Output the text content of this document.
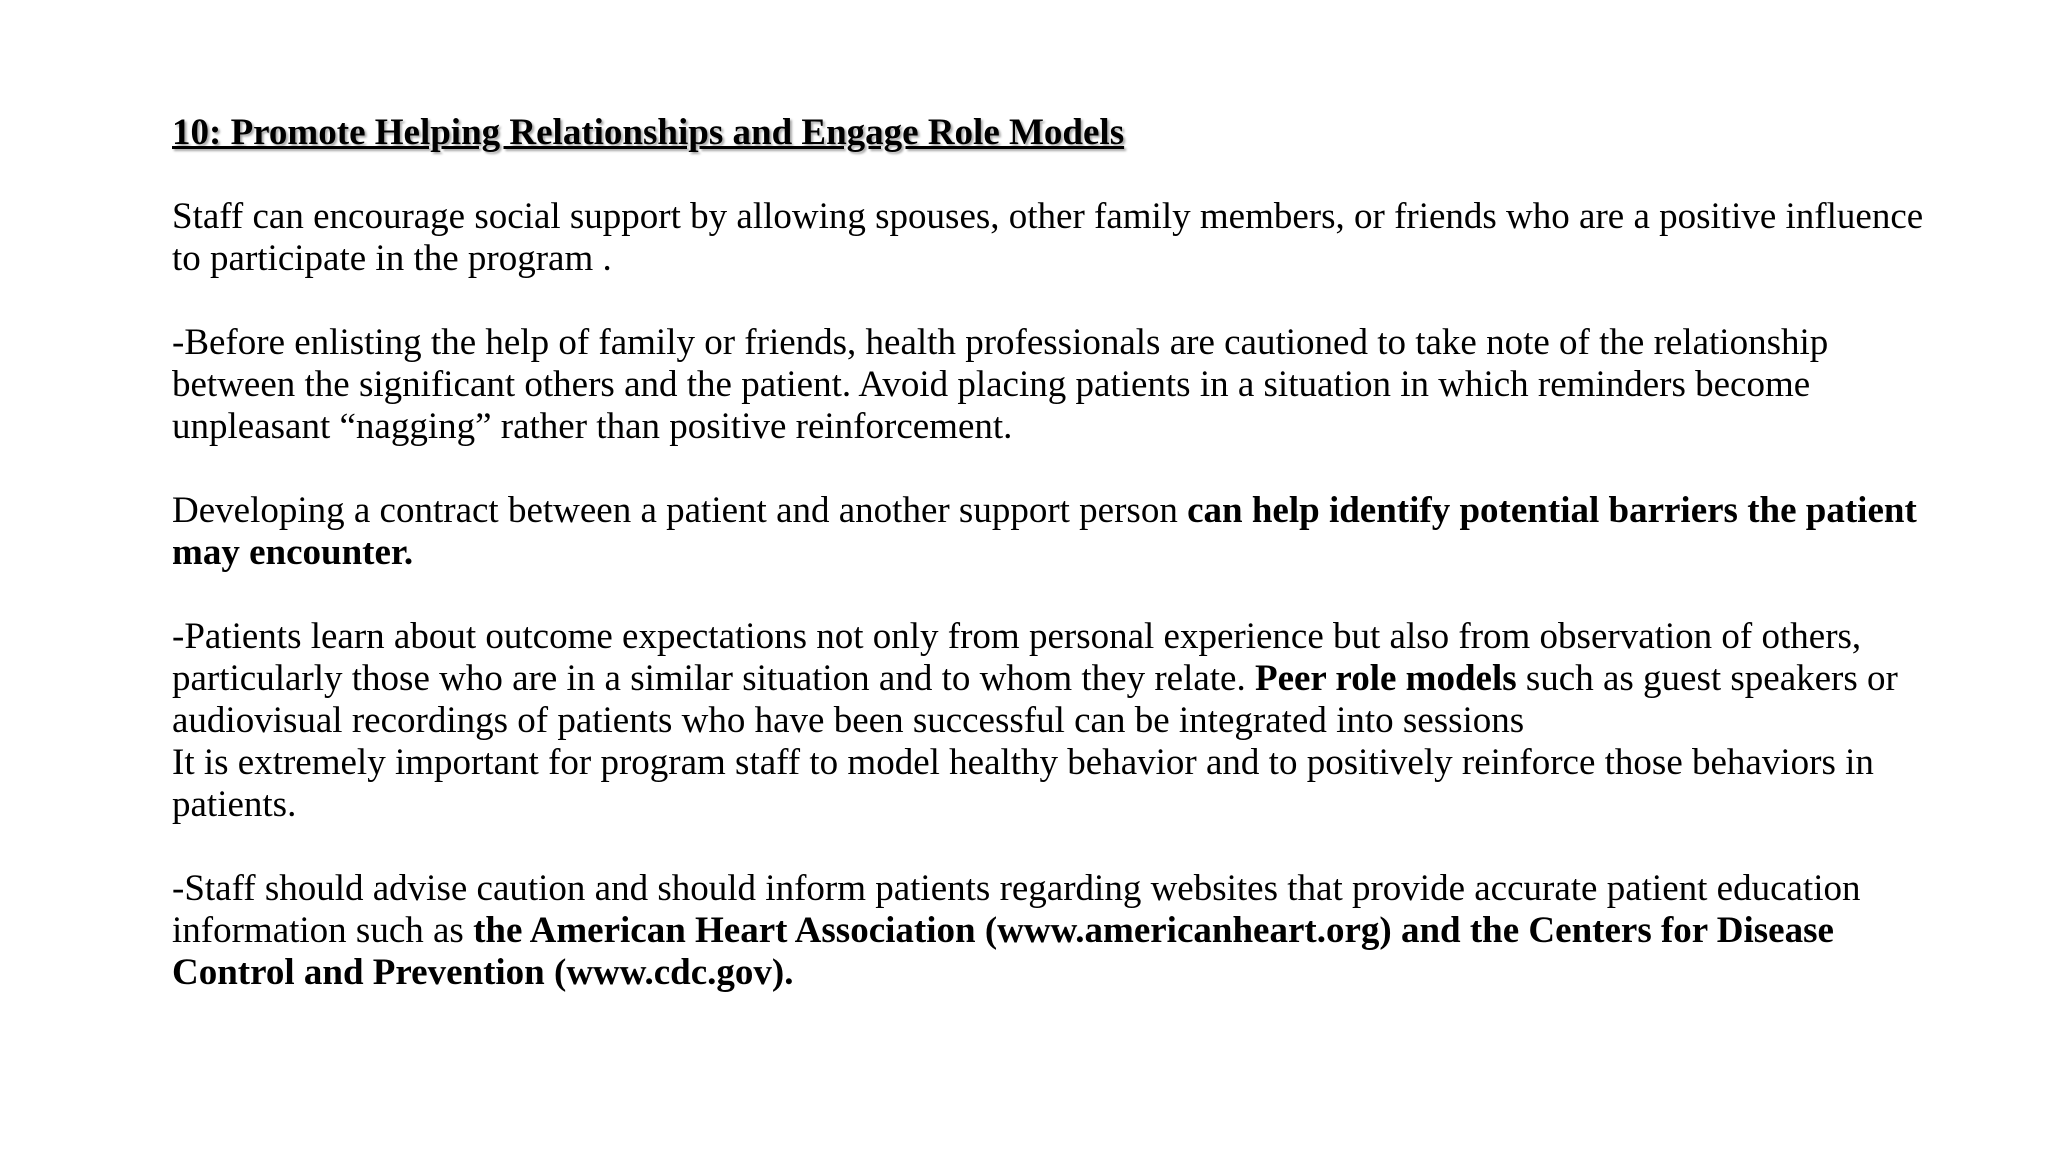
10: Promote Helping Relationships and Engage Role Models

Staff can encourage social support by allowing spouses, other family members, or friends who are a positive influence to participate in the program .

-Before enlisting the help of family or friends, health professionals are cautioned to take note of the relationship between the significant others and the patient. Avoid placing patients in a situation in which reminders become unpleasant “nagging” rather than positive reinforcement.

Developing a contract between a patient and another support person can help identify potential barriers the patient may encounter.

-Patients learn about outcome expectations not only from personal experience but also from observation of others, particularly those who are in a similar situation and to whom they relate. Peer role models such as guest speakers or audiovisual recordings of patients who have been successful can be integrated into sessions
It is extremely important for program staff to model healthy behavior and to positively reinforce those behaviors in patients.

-Staff should advise caution and should inform patients regarding websites that provide accurate patient education information such as the American Heart Association (www.americanheart.org) and the Centers for Disease Control and Prevention (www.cdc.gov).
